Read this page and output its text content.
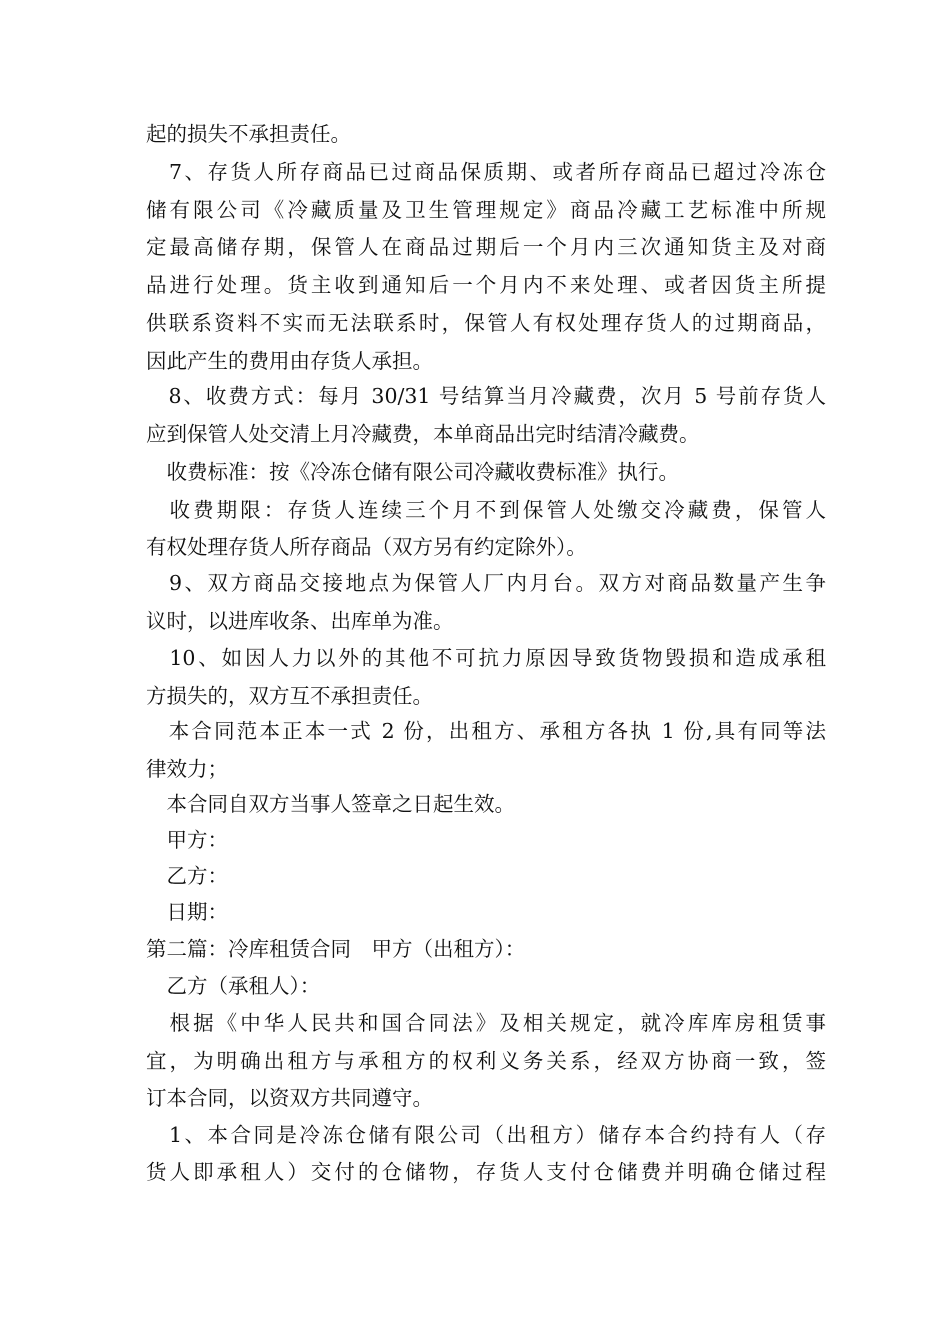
起的损失不承担责任。
　7、存货人所存商品已过商品保质期、或者所存商品已超过冷冻仓
储有限公司《冷藏质量及卫生管理规定》商品冷藏工艺标准中所规
定最高储存期，保管人在商品过期后一个月内三次通知货主及对商
品进行处理。货主收到通知后一个月内不来处理、或者因货主所提
供联系资料不实而无法联系时，保管人有权处理存货人的过期商品，
因此产生的费用由存货人承担。
　8、收费方式：每月 30/31 号结算当月冷藏费，次月 5 号前存货人
应到保管人处交清上月冷藏费，本单商品出完时结清冷藏费。
　收费标准：按《冷冻仓储有限公司冷藏收费标准》执行。
　收费期限：存货人连续三个月不到保管人处缴交冷藏费，保管人
有权处理存货人所存商品（双方另有约定除外）。
　9、双方商品交接地点为保管人厂内月台。双方对商品数量产生争
议时，以进库收条、出库单为准。
　10、如因人力以外的其他不可抗力原因导致货物毁损和造成承租
方损失的，双方互不承担责任。
　本合同范本正本一式 2 份，出租方、承租方各执 1 份,具有同等法
律效力；
　本合同自双方当事人签章之日起生效。
　甲方：
　乙方：
　日期：
第二篇：冷库租赁合同　甲方（出租方）：
　乙方（承租人）：
　根据《中华人民共和国合同法》及相关规定，就冷库库房租赁事
宜，为明确出租方与承租方的权利义务关系，经双方协商一致，签
订本合同，以资双方共同遵守。
　1、本合同是冷冻仓储有限公司（出租方）储存本合约持有人（存
货人即承租人）交付的仓储物，存货人支付仓储费并明确仓储过程
